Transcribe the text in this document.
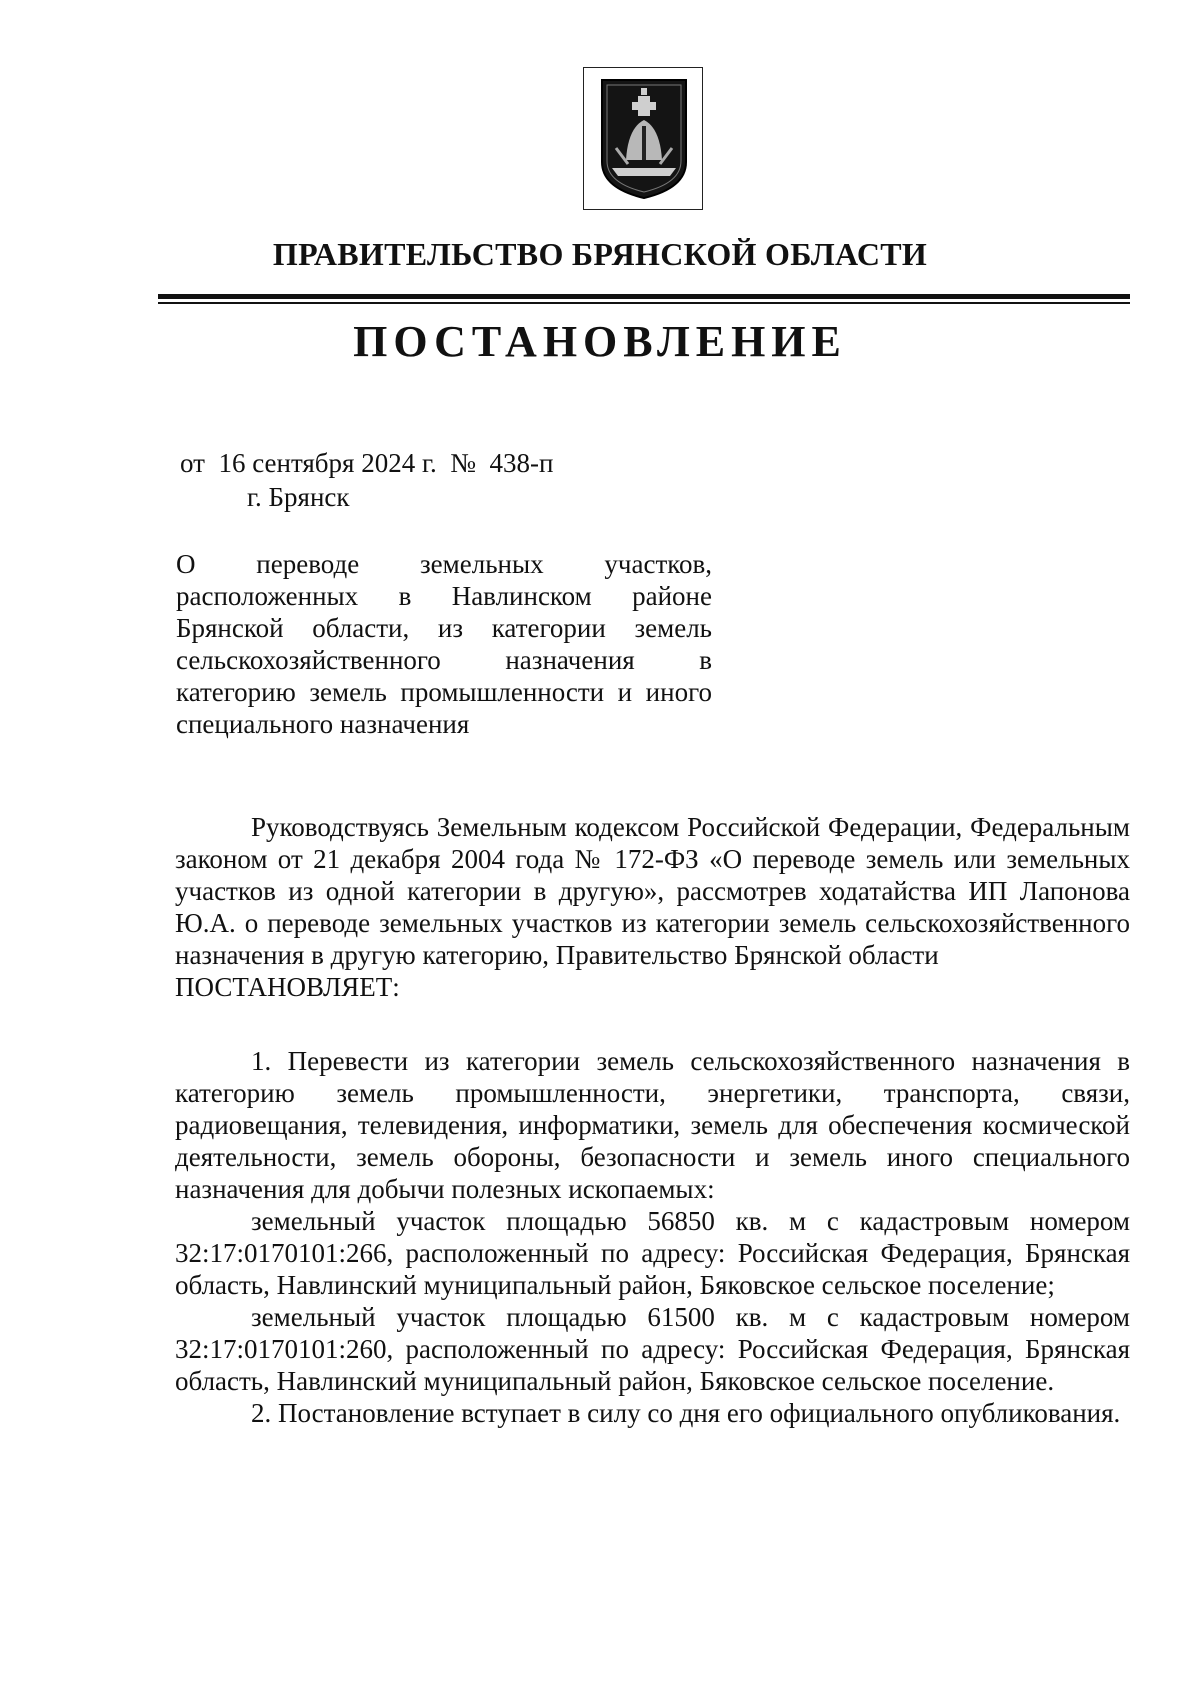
ПРАВИТЕЛЬСТВО БРЯНСКОЙ ОБЛАСТИ
ПОСТАНОВЛЕНИЕ
от  16 сентября 2024 г.  №  438-п
г. Брянск
О переводе земельных участков, расположенных в Навлинском районе Брянской области, из категории земель сельскохозяйственного назначения в категорию земель промышленности и иного специального назначения

Руководствуясь Земельным кодексом Российской Федерации, Федеральным законом от 21 декабря 2004 года № 172-ФЗ «О переводе земель или земельных участков из одной категории в другую», рассмотрев ходатайства ИП Лапонова Ю.А. о переводе земельных участков из категории земель сельскохозяйственного назначения в другую категорию, Правительство Брянской области

ПОСТАНОВЛЯЕТ:

1. Перевести из категории земель сельскохозяйственного назначения в категорию земель промышленности, энергетики, транспорта, связи, радиовещания, телевидения, информатики, земель для обеспечения космической деятельности, земель обороны, безопасности и земель иного специального назначения для добычи полезных ископаемых:

земельный участок площадью 56850 кв. м с кадастровым номером 32:17:0170101:266, расположенный по адресу: Российская Федерация, Брянская область, Навлинский муниципальный район, Бяковское сельское поселение;

земельный участок площадью 61500 кв. м с кадастровым номером 32:17:0170101:260, расположенный по адресу: Российская Федерация, Брянская область, Навлинский муниципальный район, Бяковское сельское поселение.

2. Постановление вступает в силу со дня его официального опубликования.
